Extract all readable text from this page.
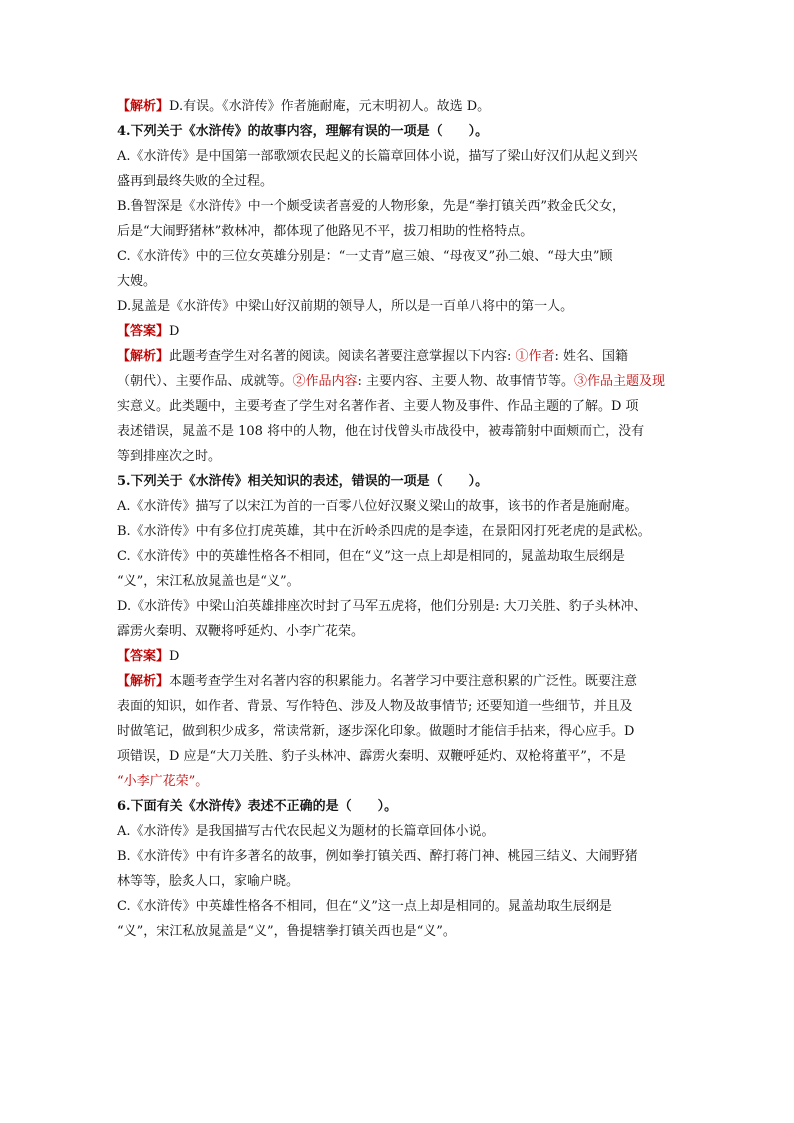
【解析】D.有误。《水浒传》作者施耐庵，元末明初人。故选 D。

4.下列关于《水浒传》的故事内容，理解有误的一项是（　　）。

A.《水浒传》是中国第一部歌颂农民起义的长篇章回体小说，描写了梁山好汉们从起义到兴

盛再到最终失败的全过程。

B.鲁智深是《水浒传》中一个颇受读者喜爱的人物形象，先是“拳打镇关西”救金氏父女，

后是“大闹野猪林”救林冲，都体现了他路见不平，拔刀相助的性格特点。

C.《水浒传》中的三位女英雄分别是：“一丈青”扈三娘、“母夜叉”孙二娘、“母大虫”顾

大嫂。

D.晁盖是《水浒传》中梁山好汉前期的领导人，所以是一百单八将中的第一人。

【答案】D

【解析】此题考查学生对名著的阅读。阅读名著要注意掌握以下内容: ①作者: 姓名、国籍

（朝代）、主要作品、成就等。②作品内容: 主要内容、主要人物、故事情节等。③作品主题及现

实意义。此类题中，主要考查了学生对名著作者、主要人物及事件、作品主题的了解。D 项

表述错误，晁盖不是 108 将中的人物，他在讨伐曾头市战役中，被毒箭射中面颊而亡，没有

等到排座次之时。

5.下列关于《水浒传》相关知识的表述，错误的一项是（　　）。

A.《水浒传》描写了以宋江为首的一百零八位好汉聚义梁山的故事，该书的作者是施耐庵。

B.《水浒传》中有多位打虎英雄，其中在沂岭杀四虎的是李逵，在景阳冈打死老虎的是武松。

C.《水浒传》中的英雄性格各不相同，但在“义”这一点上却是相同的，晁盖劫取生辰纲是

“义”，宋江私放晁盖也是“义”。

D.《水浒传》中梁山泊英雄排座次时封了马军五虎将，他们分别是: 大刀关胜、豹子头林冲、

霹雳火秦明、双鞭将呼延灼、小李广花荣。

【答案】D

【解析】本题考查学生对名著内容的积累能力。名著学习中要注意积累的广泛性。既要注意

表面的知识，如作者、背景、写作特色、涉及人物及故事情节; 还要知道一些细节，并且及

时做笔记，做到积少成多，常读常新，逐步深化印象。做题时才能信手拈来，得心应手。D

项错误，D 应是“大刀关胜、豹子头林冲、霹雳火秦明、双鞭呼延灼、双枪将董平”，不是

“小李广花荣”。

6.下面有关《水浒传》表述不正确的是（　　）。

A.《水浒传》是我国描写古代农民起义为题材的长篇章回体小说。

B.《水浒传》中有许多著名的故事，例如拳打镇关西、醉打蒋门神、桃园三结义、大闹野猪

林等等，脍炙人口，家喻户晓。

C.《水浒传》中英雄性格各不相同，但在“义”这一点上却是相同的。晁盖劫取生辰纲是

“义”，宋江私放晁盖是“义”，鲁提辖拳打镇关西也是“义”。
